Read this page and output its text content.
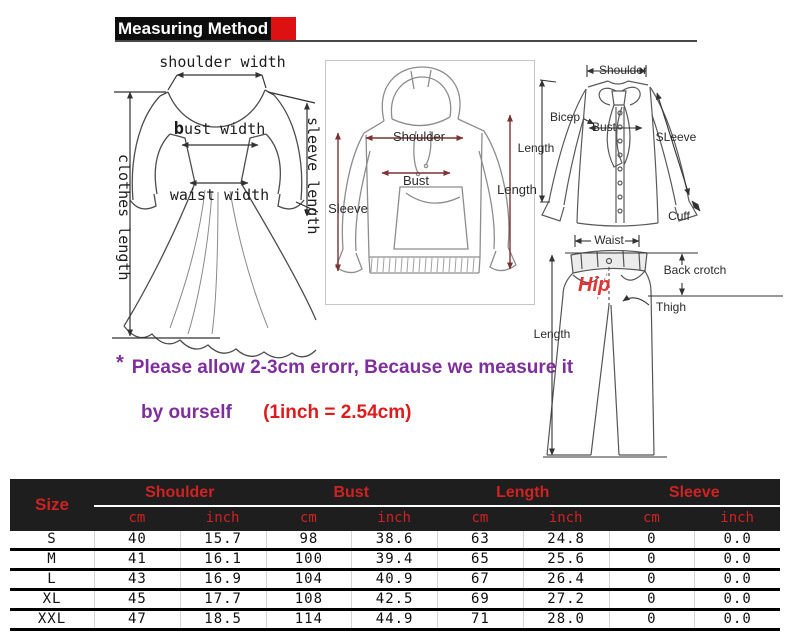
Measuring Method
shoulder width
bust width
waist width
clothes length	sleeve length	Shoulder
Bust
Sleeve
Length
Shoulder
Bicep
Bust
SLeeve
Cuff
Length
Waist
Back crotch
Hip
Thigh
Length
* Please allow 2-3cm erorr, Because we measure it
by ourself (1inch = 2.54cm)
Size
Shoulder	Bust	Length	Sleeve
cm	inch	cm	inch	cm	inch	cm	inch
S	40	15.7	98	38.6	63	24.8	0	0.0
M	41	16.1	100	39.4	65	25.6	0	0.0
L	43	16.9	104	40.9	67	26.4	0	0.0
XL	45	17.7	108	42.5	69	27.2	0	0.0
XXL	47	18.5	114	44.9	71	28.0	0	0.0
